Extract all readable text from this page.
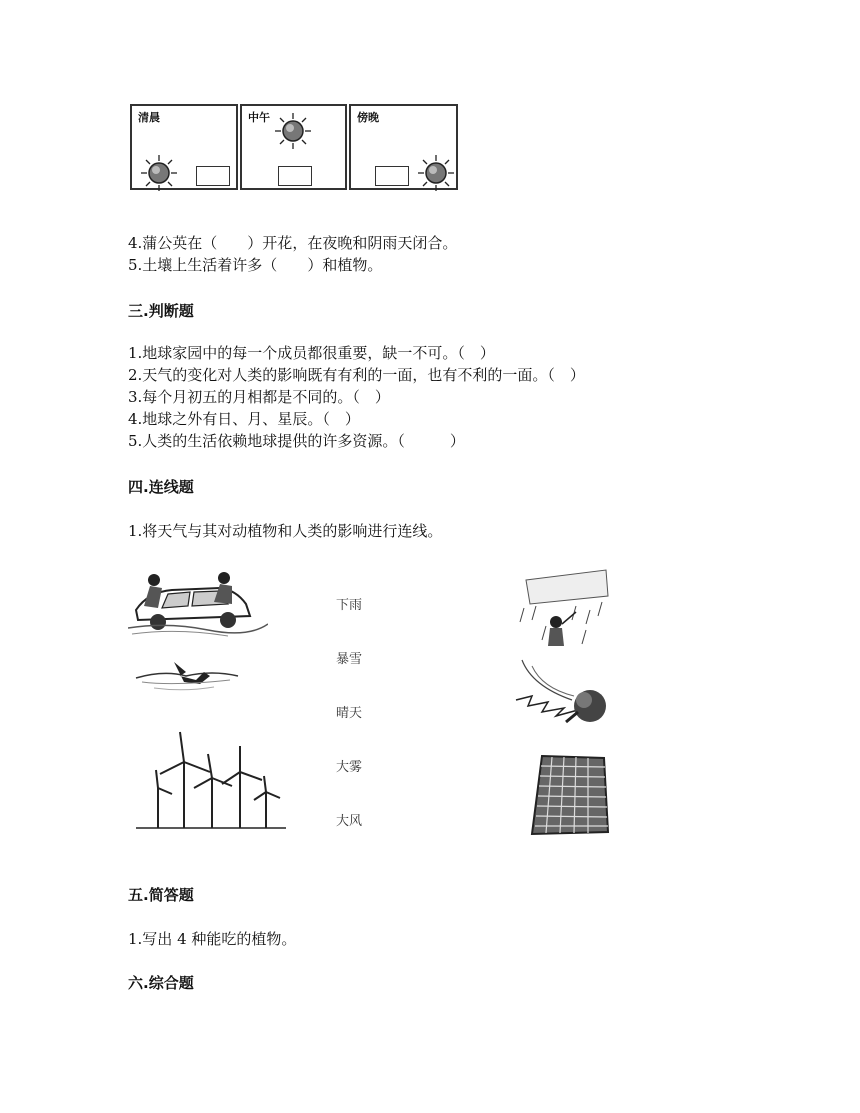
清晨	中午	傍晚
4.蒲公英在（　　）开花，在夜晚和阴雨天闭合。
5.土壤上生活着许多（　　）和植物。
三.判断题
1.地球家园中的每一个成员都很重要，缺一不可。（　）
2.天气的变化对人类的影响既有有利的一面，也有不利的一面。（　）
3.每个月初五的月相都是不同的。（　）
4.地球之外有日、月、星辰。（　）
5.人类的生活依赖地球提供的许多资源。（　　　）
四.连线题
1.将天气与其对动植物和人类的影响进行连线。
下雨
暴雪
晴天
大雾
大风
五.简答题
1.写出 4 种能吃的植物。
六.综合题
